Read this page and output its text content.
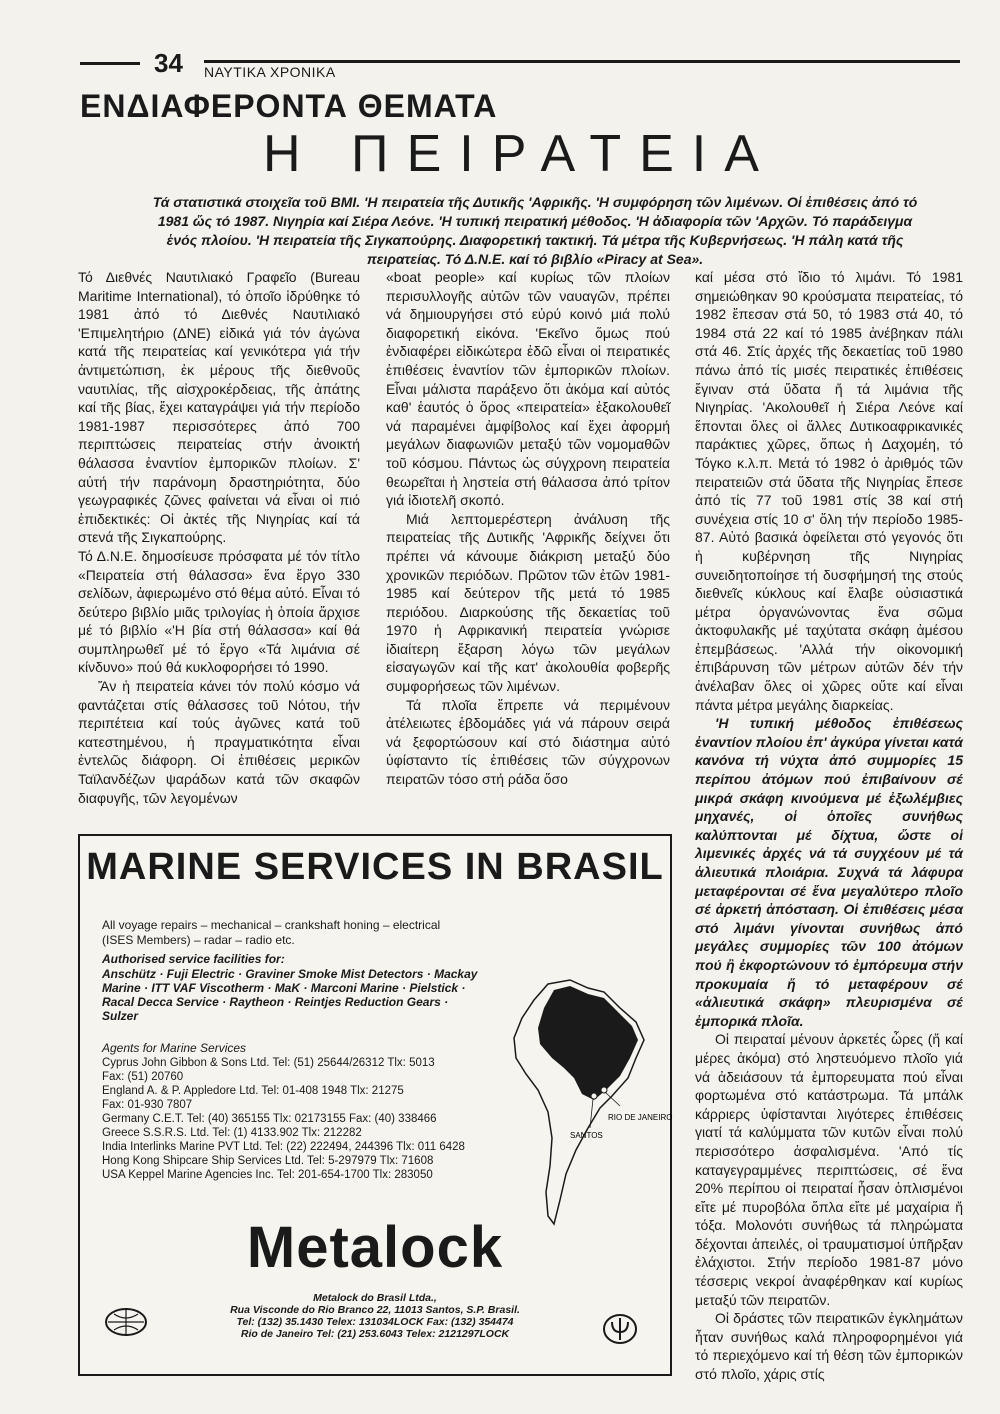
34 ΝΑΥΤΙΚΑ ΧΡΟΝΙΚΑ
ΕΝΔΙΑΦΕΡΟΝΤΑ ΘΕΜΑΤΑ
Η ΠΕΙΡΑΤΕΙΑ
Τά στατιστικά στοιχεῖα τοῦ ΒΜΙ. 'Η πειρατεία τῆς Δυτικῆς 'Αφρικῆς. 'Η συμφόρηση τῶν λιμένων. Οἱ ἐπιθέσεις ἀπό τό 1981 ὥς τό 1987. Νιγηρία καί Σιέρα Λεόνε. 'Η τυπική πειρατική μέθοδος. 'Η ἀδιαφορία τῶν 'Αρχῶν. Τό παράδειγμα ἑνός πλοίου. 'Η πειρατεία τῆς Σιγκαπούρης. Διαφορετική τακτική. Τά μέτρα τῆς Κυβερνήσεως. 'Η πάλη κατά τῆς πειρατείας. Τό Δ.Ν.Ε. καί τό βιβλίο «Piracy at Sea».

Τό Διεθνές Ναυτιλιακό Γραφεῖο (Bureau Maritime International), τό ὁποῖο ἱδρύθηκε τό 1981 ἀπό τό Διεθνές Ναυτιλιακό 'Επιμελητήριο (ΔΝΕ) εἰδικά γιά τόν ἀγώνα κατά τῆς πειρατείας καί γενικότερα γιά τήν ἀντιμετώπιση, ἐκ μέρους τῆς διεθνοῦς ναυτιλίας, τῆς αἰσχροκέρδειας, τῆς ἀπάτης καί τῆς βίας, ἔχει καταγράψει γιά τήν περίοδο 1981-1987 περισσότερες ἀπό 700 περιπτώσεις πειρατείας στήν ἀνοικτή θάλασσα ἐναντίον ἐμπορικῶν πλοίων. Σ' αὐτή τήν παράνομη δραστηριότητα, δύο γεωγραφικές ζῶνες φαίνεται νά εἶναι οἱ πιό ἐπιδεκτικές: Οἱ ἀκτές τῆς Νιγηρίας καί τά στενά τῆς Σιγκαπούρης.

Τό Δ.Ν.Ε. δημοσίευσε πρόσφατα μέ τόν τίτλο «Πειρατεία στή θάλασσα» ἕνα ἔργο 330 σελίδων, ἀφιερωμένο στό θέμα αὐτό. Εἶναι τό δεύτερο βιβλίο μιᾶς τριλογίας ἡ ὁποία ἄρχισε μέ τό βιβλίο «'Η βία στή θάλασσα» καί θά συμπληρωθεῖ μέ τό ἔργο «Τά λιμάνια σέ κίνδυνο» πού θά κυκλοφορήσει τό 1990.

Ἄν ἡ πειρατεία κάνει τόν πολύ κόσμο νά φαντάζεται στίς θάλασσες τοῦ Νότου, τήν περιπέτεια καί τούς ἀγῶνες κατά τοῦ κατεστημένου, ἡ πραγματικότητα εἶναι ἐντελῶς διάφορη. Οἱ ἐπιθέσεις μερικῶν Ταϊλανδέζων ψαράδων κατά τῶν σκαφῶν διαφυγῆς, τῶν λεγομένων

«boat people» καί κυρίως τῶν πλοίων περισυλλογῆς αὐτῶν τῶν ναυαγῶν, πρέπει νά δημιουργήσει στό εὐρύ κοινό μιά πολύ διαφορετική εἰκόνα. 'Εκεῖνο ὅμως πού ἐνδιαφέρει εἰδικώτερα ἐδῶ εἶναι οἱ πειρατικές ἐπιθέσεις ἐναντίον τῶν ἐμπορικῶν πλοίων. Εἶναι μάλιστα παράξενο ὅτι ἀκόμα καί αὐτός καθ' ἑαυτός ὁ ὅρος «πειρατεία» ἐξακολουθεῖ νά παραμένει ἀμφίβολος καί ἔχει ἀφορμή μεγάλων διαφωνιῶν μεταξύ τῶν νομομαθῶν τοῦ κόσμου. Πάντως ὡς σύγχρονη πειρατεία θεωρεῖται ἡ ληστεία στή θάλασσα ἀπό τρίτον γιά ἰδιοτελῆ σκοπό.

Μιά λεπτομερέστερη ἀνάλυση τῆς πειρατείας τῆς Δυτικῆς 'Αφρικῆς δείχνει ὅτι πρέπει νά κάνουμε διάκριση μεταξύ δύο χρονικῶν περιόδων. Πρῶτον τῶν ἐτῶν 1981-1985 καί δεύτερον τῆς μετά τό 1985 περιόδου. Διαρκούσης τῆς δεκαετίας τοῦ 1970 ἡ Αφρικανική πειρατεία γνώρισε ἰδιαίτερη ἔξαρση λόγω τῶν μεγάλων εἰσαγωγῶν καί τῆς κατ' ἀκολουθία φοβερῆς συμφορήσεως τῶν λιμένων.

Τά πλοῖα ἔπρεπε νά περιμένουν ἀτέλειωτες ἑβδομάδες γιά νά πάρουν σειρά νά ξεφορτώσουν καί στό διάστημα αὐτό ὑφίσταντο τίς ἐπιθέσεις τῶν σύγχρονων πειρατῶν τόσο στή ράδα ὅσο

καί μέσα στό ἴδιο τό λιμάνι. Τό 1981 σημειώθηκαν 90 κρούσματα πειρατείας, τό 1982 ἔπεσαν στά 50, τό 1983 στά 40, τό 1984 στά 22 καί τό 1985 ἀνέβηκαν πάλι στά 46. Στίς ἀρχές τῆς δεκαετίας τοῦ 1980 πάνω ἀπό τίς μισές πειρατικές ἐπιθέσεις ἔγιναν στά ὕδατα ἤ τά λιμάνια τῆς Νιγηρίας. 'Ακολουθεῖ ἡ Σιέρα Λεόνε καί ἕπονται ὅλες οἱ ἄλλες Δυτικοαφρικανικές παράκτιες χῶρες, ὅπως ἡ Δαχομέη, τό Τόγκο κ.λ.π. Μετά τό 1982 ὁ ἀριθμός τῶν πειρατειῶν στά ὕδατα τῆς Νιγηρίας ἔπεσε ἀπό τίς 77 τοῦ 1981 στίς 38 καί στή συνέχεια στίς 10 σ' ὅλη τήν περίοδο 1985-87. Αὐτό βασικά ὀφείλεται στό γεγονός ὅτι ἡ κυβέρνηση τῆς Νιγηρίας συνειδητοποίησε τή δυσφήμησή της στούς διεθνεῖς κύκλους καί ἔλαβε οὐσιαστικά μέτρα ὀργανώνοντας ἕνα σῶμα ἀκτοφυλακῆς μέ ταχύτατα σκάφη ἀμέσου ἐπεμβάσεως. 'Αλλά τήν οἰκονομική ἐπιβάρυνση τῶν μέτρων αὐτῶν δέν τήν ἀνέλαβαν ὅλες οἱ χῶρες οὔτε καί εἶναι πάντα μέτρα μεγάλης διαρκείας.

'Η τυπική μέθοδος ἐπιθέσεως ἐναντίον πλοίου ἐπ' ἀγκύρα γίνεται κατά κανόνα τή νύχτα ἀπό συμμορίες 15 περίπου ἀτόμων πού ἐπιβαίνουν σέ μικρά σκάφη κινούμενα μέ ἐξωλέμβιες μηχανές, οἱ ὁποῖες συνήθως καλύπτονται μέ δίχτυα, ὥστε οἱ λιμενικές ἀρχές νά τά συγχέουν μέ τά ἁλιευτικά πλοιάρια. Συχνά τά λάφυρα μεταφέρονται σέ ἕνα μεγαλύτερο πλοῖο σέ ἀρκετή ἀπόσταση. Οἱ ἐπιθέσεις μέσα στό λιμάνι γίνονται συνήθως ἀπό μεγάλες συμμορίες τῶν 100 ἀτόμων πού ἢ ἐκφορτώνουν τό ἐμπόρευμα στήν προκυμαία ἤ τό μεταφέρουν σέ «ἁλιευτικά σκάφη» πλευρισμένα σέ ἐμπορικά πλοῖα.

Οἱ πειραταί μένουν ἀρκετές ὧρες (ἤ καί μέρες ἀκόμα) στό ληστευόμενο πλοῖο γιά νά ἀδειάσουν τά ἐμπορευματα πού εἶναι φορτωμένα στό κατάστρωμα. Τά μπάλκ κάρριερς ὑφίστανται λιγότερες ἐπιθέσεις γιατί τά καλύμματα τῶν κυτῶν εἶναι πολύ περισσότερο ἀσφαλισμένα. 'Από τίς καταγεγραμμένες περιπτώσεις, σέ ἕνα 20% περίπου οἱ πειραταί ἦσαν ὁπλισμένοι εἴτε μέ πυροβόλα ὅπλα εἴτε μέ μαχαίρια ἤ τόξα. Μολονότι συνήθως τά πληρώματα δέχονται ἀπειλές, οἱ τραυματισμοί ὑπῆρξαν ἐλάχιστοι. Στήν περίοδο 1981-87 μόνο τέσσερις νεκροί ἀναφέρθηκαν καί κυρίως μεταξύ τῶν πειρατῶν.

Οἱ δράστες τῶν πειρατικῶν ἐγκλημάτων ἦταν συνήθως καλά πληροφορημένοι γιά τό περιεχόμενο καί τή θέση τῶν ἐμπορικών στό πλοῖο, χάρις στίς

MARINE SERVICES IN BRASIL
All voyage repairs – mechanical – crankshaft honing – electrical (ISES Members) – radar – radio etc.
Authorised service facilities for:
Anschütz · Fuji Electric · Graviner Smoke Mist Detectors · Mackay Marine · ITT VAF Viscotherm · MaK · Marconi Marine · Pielstick · Racal Decca Service · Raytheon · Reintjes Reduction Gears · Sulzer
Agents for Marine Services
Cyprus John Gibbon & Sons Ltd. Tel: (51) 25644/26312 Tlx: 5013
Fax: (51) 20760
England A. & P. Appledore Ltd. Tel: 01-408 1948 Tlx: 21275
Fax: 01-930 7807
Germany C.E.T. Tel: (40) 365155 Tlx: 02173155 Fax: (40) 338466
Greece S.S.R.S. Ltd. Tel: (1) 4133.902 Tlx: 212282
India Interlinks Marine PVT Ltd. Tel: (22) 222494, 244396 Tlx: 011 6428
Hong Kong Shipcare Ship Services Ltd. Tel: 5-297979 Tlx: 71608
USA Keppel Marine Agencies Inc. Tel: 201-654-1700 Tlx: 283050
RIO DE JANEIRO
SANTOS
Metalock
Metalock do Brasil Ltda.,
Rua Visconde do Rio Branco 22, 11013 Santos, S.P. Brasil.
Tel: (132) 35.1430 Telex: 131034LOCK Fax: (132) 354474
Rio de Janeiro Tel: (21) 253.6043 Telex: 2121297LOCK
